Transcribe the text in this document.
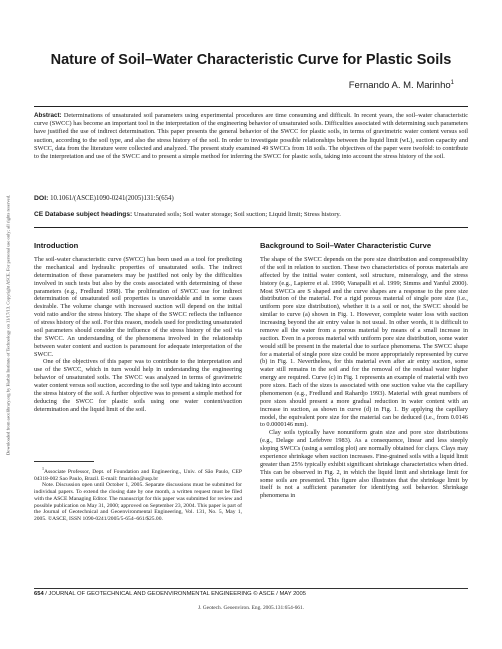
Downloaded from ascelibrary.org by Harbin Institute of Technology on 11/17/13. Copyright ASCE. For personal use only; all rights reserved.
Nature of Soil–Water Characteristic Curve for Plastic Soils
Fernando A. M. Marinho$^1$
Abstract: Determinations of unsaturated soil parameters using experimental procedures are time consuming and difficult. In recent years, the soil–water characteristic curve (SWCC) has become an important tool in the interpretation of the engineering behavior of unsaturated soils. Difficulties associated with determining such parameters have justified the use of indirect determination. This paper presents the general behavior of the SWCC for plastic soils, in terms of gravimetric water content versus soil suction, according to the soil type, and also the stress history of the soil. In order to investigate possible relationships between the liquid limit (wL), suction capacity and SWCC, data from the literature were collected and analyzed. The present study examined 49 SWCCs from 18 soils. The objectives of the paper were twofold: to contribute to the interpretation and use of the SWCC and to present a simple method for inferring the SWCC for plastic soils, taking into account the stress history of the soil.
DOI: 10.1061/(ASCE)1090-0241(2005)131:5(654)
CE Database subject headings: Unsaturated soils; Soil water storage; Soil suction; Liquid limit; Stress history.
Introduction

The soil-water characteristic curve (SWCC) has been used as a tool for predicting the mechanical and hydraulic properties of unsaturated soils. The indirect determination of these parameters may be justified not only by the difficulties involved in such tests but also by the costs associated with determining of these parameters (e.g., Fredlund 1998). The proliferation of SWCC use for indirect determination of unsaturated soil properties is unavoidable and in some cases desirable. The volume change with increased suction will depend on the initial void ratio and/or the stress history. The shape of the SWCC reflects the influence of stress history of the soil. For this reason, models used for predicting unsaturated soil parameters should consider the influence of the stress history of the soil via the SWCC. An understanding of the phenomena involved in the relationship between water content and suction is paramount for adequate interpretation of the SWCC.

One of the objectives of this paper was to contribute to the interpretation and use of the SWCC, which in turn would help in understanding the engineering behavior of unsaturated soils. The SWCC was analyzed in terms of gravimetric water content versus soil suction, according to the soil type and taking into account the stress history of the soil. A further objective was to present a simple method for deducing the SWCC for plastic soils using one water content/suction determination and the liquid limit of the soil.

$^1$Associate Professor, Dept. of Foundation and Engineering., Univ. of São Paulo, CEP 04318-002 Sao Paulo, Brazil. E-mail: fmarinho@usp.br

Note. Discussion open until October 1, 2005. Separate discussions must be submitted for individual papers. To extend the closing date by one month, a written request must be filed with the ASCE Managing Editor. The manuscript for this paper was submitted for review and possible publication on May 31, 2000; approved on September 23, 2004. This paper is part of the Journal of Geotechnical and Geoenvironmental Engineering, Vol. 131, No. 5, May 1, 2005. ©ASCE, ISSN 1090-0241/2005/5-654–661/$25.00.

Background to Soil–Water Characteristic Curve

The shape of the SWCC depends on the pore size distribution and compressibility of the soil in relation to suction. These two characteristics of porous materials are affected by the initial water content, soil structure, mineralogy, and the stress history (e.g., Lapierre et al. 1990; Vanapalli et al. 1999; Simms and Yanful 2000). Most SWCCs are S shaped and the curve shapes are a response to the pore size distribution of the material. For a rigid porous material of single pore size (i.e., uniform pore size distribution), whether it is a soil or not, the SWCC should be similar to curve (a) shown in Fig. 1. However, complete water loss with suction increasing beyond the air entry value is not usual. In other words, it is difficult to remove all the water from a porous material by means of a small increase in suction. Even in a porous material with uniform pore size distribution, some water would still be present in the material due to surface phenomena. The SWCC shape for a material of single pore size could be more appropriately represented by curve (b) in Fig. 1. Nevertheless, for this material even after air entry suction, some water still remains in the soil and for the removal of the residual water higher energy are required. Curve (c) in Fig. 1 represents an example of material with two pore sizes. Each of the sizes is associated with one suction value via the capillary phenomenon (e.g., Fredlund and Rahardjo 1993). Material with great numbers of pore sizes should present a more gradual reduction in water content with an increase in suction, as shown in curve (d) in Fig. 1. By applying the capillary model, the equivalent pore size for the material can be deduced (i.e., from 0.0146 to 0.0000146 mm).

Clay soils typically have nonuniform grain size and pore size distributions (e.g., Delage and Lefebvre 1983). As a consequence, linear and less steeply sloping SWCCs (using a semilog plot) are normally obtained for clays. Clays may experience shrinkage when suction increases. Fine-grained soils with a liquid limit greater than 25% typically exhibit significant shrinkage characteristics when dried. This can be observed in Fig. 2, in which the liquid limit and shrinkage limit for some soils are presented. This figure also illustrates that the shrinkage limit by itself is not a sufficient parameter for identifying soil behavior. Shrinkage phenomena in

654 / JOURNAL OF GEOTECHNICAL AND GEOENVIRONMENTAL ENGINEERING © ASCE / MAY 2005
J. Geotech. Geoenviron. Eng. 2005.131:654-661.
